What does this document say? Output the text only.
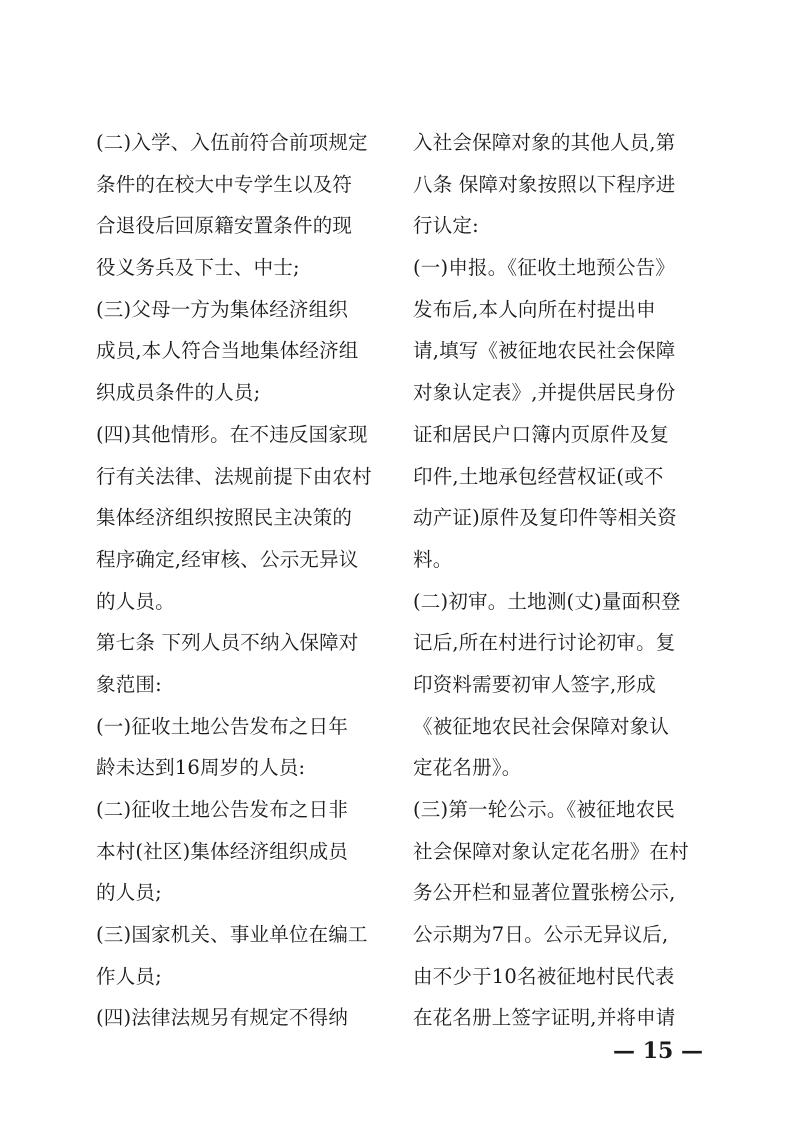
(二)入学、入伍前符合前项规定
条件的在校大中专学生以及符
合退役后回原籍安置条件的现
役义务兵及下士、中士;
(三)父母一方为集体经济组织
成员,本人符合当地集体经济组
织成员条件的人员;
(四)其他情形。在不违反国家现
行有关法律、法规前提下由农村
集体经济组织按照民主决策的
程序确定,经审核、公示无异议
的人员。
第七条 下列人员不纳入保障对
象范围:
(一)征收土地公告发布之日年
龄未达到16周岁的人员:
(二)征收土地公告发布之日非
本村(社区)集体经济组织成员
的人员;
(三)国家机关、事业单位在编工
作人员;
(四)法律法规另有规定不得纳
入社会保障对象的其他人员,第
八条 保障对象按照以下程序进
行认定:
(一)申报。《征收土地预公告》
发布后,本人向所在村提出申
请,填写《被征地农民社会保障
对象认定表》,并提供居民身份
证和居民户口簿内页原件及复
印件,土地承包经营权证(或不
动产证)原件及复印件等相关资
料。
(二)初审。土地测(丈)量面积登
记后,所在村进行讨论初审。复
印资料需要初审人签字,形成
《被征地农民社会保障对象认
定花名册》。
(三)第一轮公示。《被征地农民
社会保障对象认定花名册》在村
务公开栏和显著位置张榜公示,
公示期为7日。公示无异议后,
由不少于10名被征地村民代表
在花名册上签字证明,并将申请
— 15 —
